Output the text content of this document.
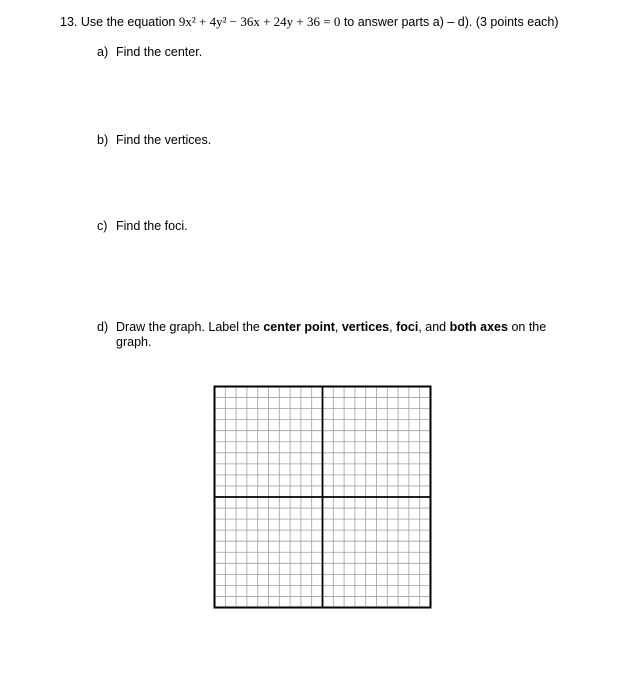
13. Use the equation 9x² + 4y² − 36x + 24y + 36 = 0 to answer parts a) – d). (3 points each)
a) Find the center.
b) Find the vertices.
c) Find the foci.
d) Draw the graph. Label the center point, vertices, foci, and both axes on the
graph.
